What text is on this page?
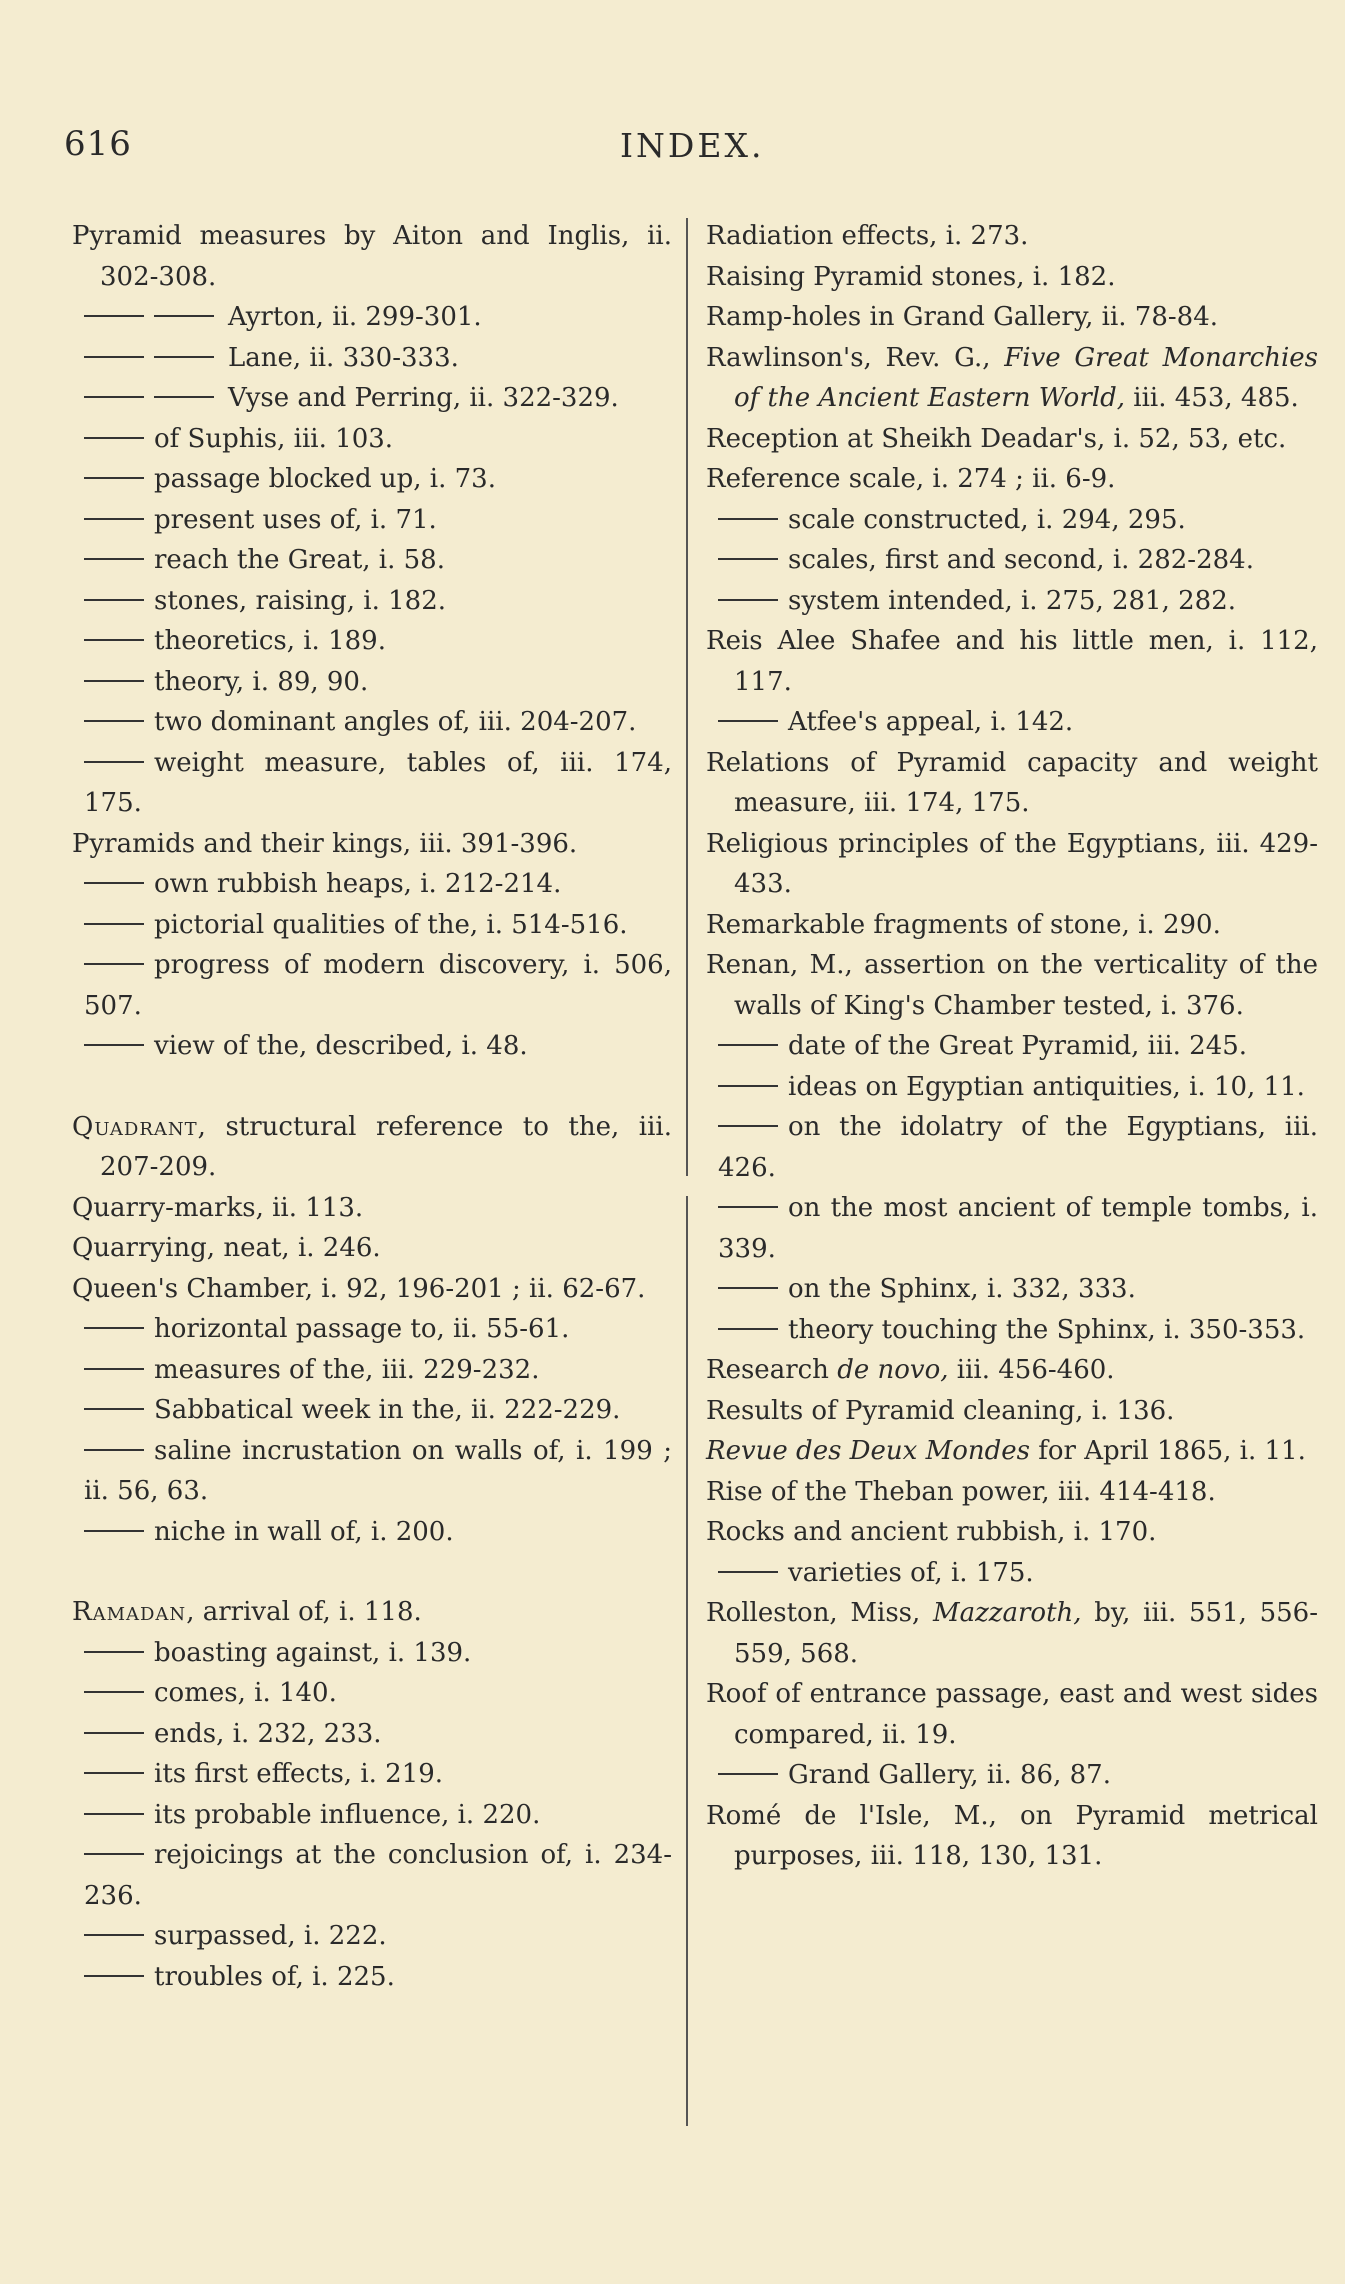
616	INDEX.
Pyramid measures by Aiton and Inglis, ii. 302-308.
Ayrton, ii. 299-301.
Lane, ii. 330-333.
Vyse and Perring, ii. 322-329.
of Suphis, iii. 103.
passage blocked up, i. 73.
present uses of, i. 71.
reach the Great, i. 58.
stones, raising, i. 182.
theoretics, i. 189.
theory, i. 89, 90.
two dominant angles of, iii. 204-207.
weight measure, tables of, iii. 174, 175.
Pyramids and their kings, iii. 391-396.
own rubbish heaps, i. 212-214.
pictorial qualities of the, i. 514-516.
progress of modern discovery, i. 506, 507.
view of the, described, i. 48.
Quadrant, structural reference to the, iii. 207-209.
Quarry-marks, ii. 113.
Quarrying, neat, i. 246.
Queen's Chamber, i. 92, 196-201 ; ii. 62-67.
horizontal passage to, ii. 55-61.
measures of the, iii. 229-232.
Sabbatical week in the, ii. 222-229.
saline incrustation on walls of, i. 199 ; ii. 56, 63.
niche in wall of, i. 200.
Ramadan, arrival of, i. 118.
boasting against, i. 139.
comes, i. 140.
ends, i. 232, 233.
its first effects, i. 219.
its probable influence, i. 220.
rejoicings at the conclusion of, i. 234-236.
surpassed, i. 222.
troubles of, i. 225.
Radiation effects, i. 273.
Raising Pyramid stones, i. 182.
Ramp-holes in Grand Gallery, ii. 78-84.
Rawlinson's, Rev. G., Five Great Monarchies of the Ancient Eastern World, iii. 453, 485.
Reception at Sheikh Deadar's, i. 52, 53, etc.
Reference scale, i. 274 ; ii. 6-9.
scale constructed, i. 294, 295.
scales, first and second, i. 282-284.
system intended, i. 275, 281, 282.
Reis Alee Shafee and his little men, i. 112, 117.
Atfee's appeal, i. 142.
Relations of Pyramid capacity and weight measure, iii. 174, 175.
Religious principles of the Egyptians, iii. 429-433.
Remarkable fragments of stone, i. 290.
Renan, M., assertion on the verticality of the walls of King's Chamber tested, i. 376.
date of the Great Pyramid, iii. 245.
ideas on Egyptian antiquities, i. 10, 11.
on the idolatry of the Egyptians, iii. 426.
on the most ancient of temple tombs, i. 339.
on the Sphinx, i. 332, 333.
theory touching the Sphinx, i. 350-353.
Research de novo, iii. 456-460.
Results of Pyramid cleaning, i. 136.
Revue des Deux Mondes for April 1865, i. 11.
Rise of the Theban power, iii. 414-418.
Rocks and ancient rubbish, i. 170.
varieties of, i. 175.
Rolleston, Miss, Mazzaroth, by, iii. 551, 556-559, 568.
Roof of entrance passage, east and west sides compared, ii. 19.
Grand Gallery, ii. 86, 87.
Romé de l'Isle, M., on Pyramid metrical purposes, iii. 118, 130, 131.
